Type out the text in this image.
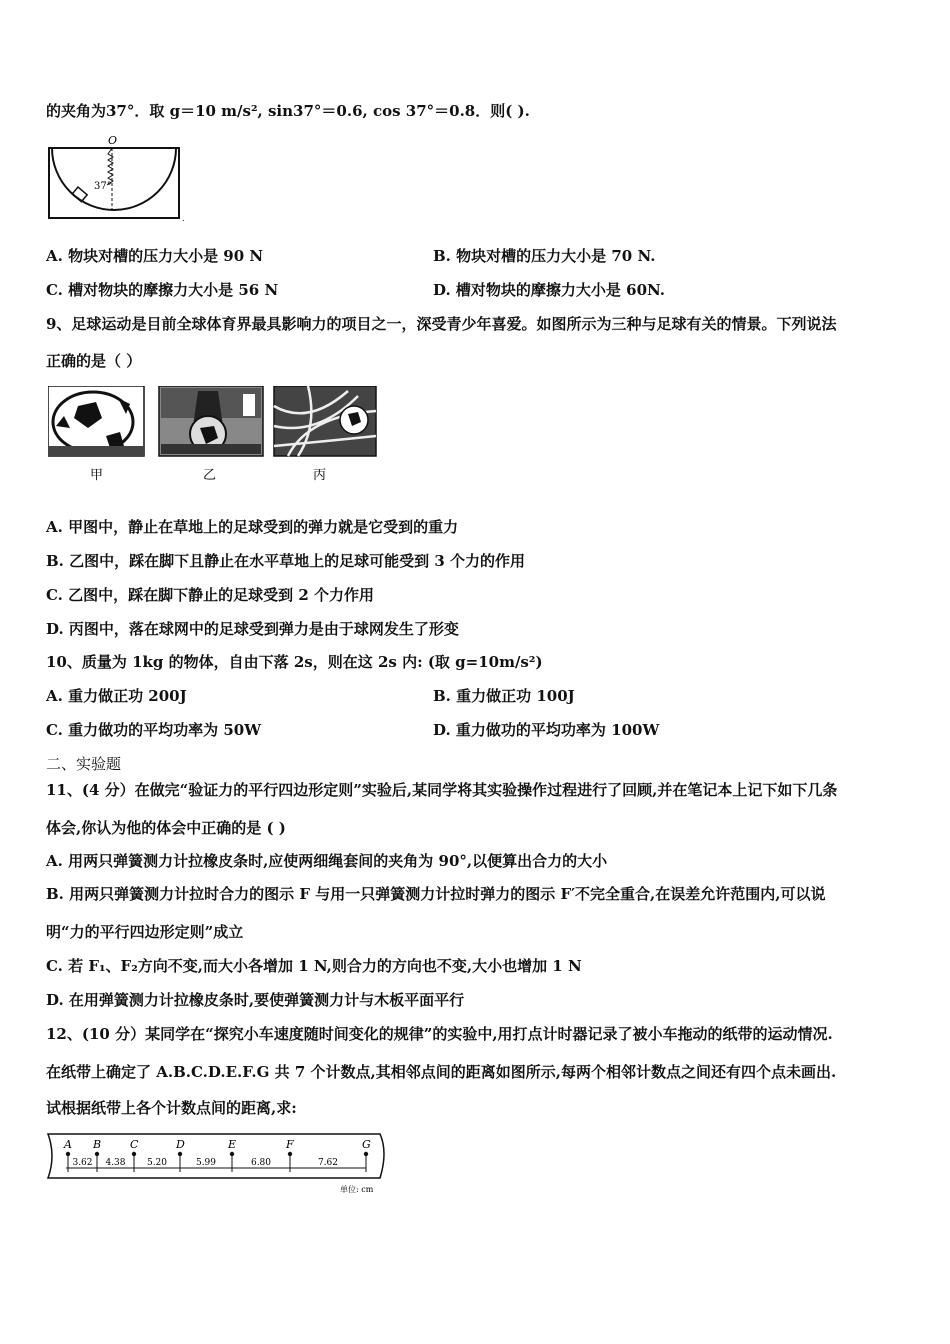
的夹角为37°．取 g＝10 m/s², sin37°＝0.6, cos 37°＝0.8．则( ).
O
37°
.
A. 物块对槽的压力大小是 90 N	B. 物块对槽的压力大小是 70 N.
C. 槽对物块的摩擦力大小是 56 N	D. 槽对物块的摩擦力大小是 60N.
9、足球运动是目前全球体育界最具影响力的项目之一，深受青少年喜爱。如图所示为三种与足球有关的情景。下列说法
正确的是（ ）
甲	乙	丙
A. 甲图中，静止在草地上的足球受到的弹力就是它受到的重力
B. 乙图中，踩在脚下且静止在水平草地上的足球可能受到 3 个力的作用
C. 乙图中，踩在脚下静止的足球受到 2 个力作用
D. 丙图中，落在球网中的足球受到弹力是由于球网发生了形变
10、质量为 1kg 的物体，自由下落 2s，则在这 2s 内: (取 g=10m/s²)
A. 重力做正功 200J	B. 重力做正功 100J
C. 重力做功的平均功率为 50W	D. 重力做功的平均功率为 100W
二、实验题
11、(4 分）在做完“验证力的平行四边形定则”实验后,某同学将其实验操作过程进行了回顾,并在笔记本上记下如下几条
体会,你认为他的体会中正确的是 ( )
A. 用两只弹簧测力计拉橡皮条时,应使两细绳套间的夹角为 90°,以便算出合力的大小
B. 用两只弹簧测力计拉时合力的图示 F 与用一只弹簧测力计拉时弹力的图示 F′不完全重合,在误差允许范围内,可以说
明“力的平行四边形定则”成立
C. 若 F₁、F₂方向不变,而大小各增加 1 N,则合力的方向也不变,大小也增加 1 N
D. 在用弹簧测力计拉橡皮条时,要使弹簧测力计与木板平面平行
12、(10 分）某同学在“探究小车速度随时间变化的规律”的实验中,用打点计时器记录了被小车拖动的纸带的运动情况.
在纸带上确定了 A.B.C.D.E.F.G 共 7 个计数点,其相邻点间的距离如图所示,每两个相邻计数点之间还有四个点未画出.
试根据纸带上各个计数点间的距离,求:
A B	C	D	E	F	G
3.62 4.38 5.20	5.99	6.80	7.62
单位: cm
